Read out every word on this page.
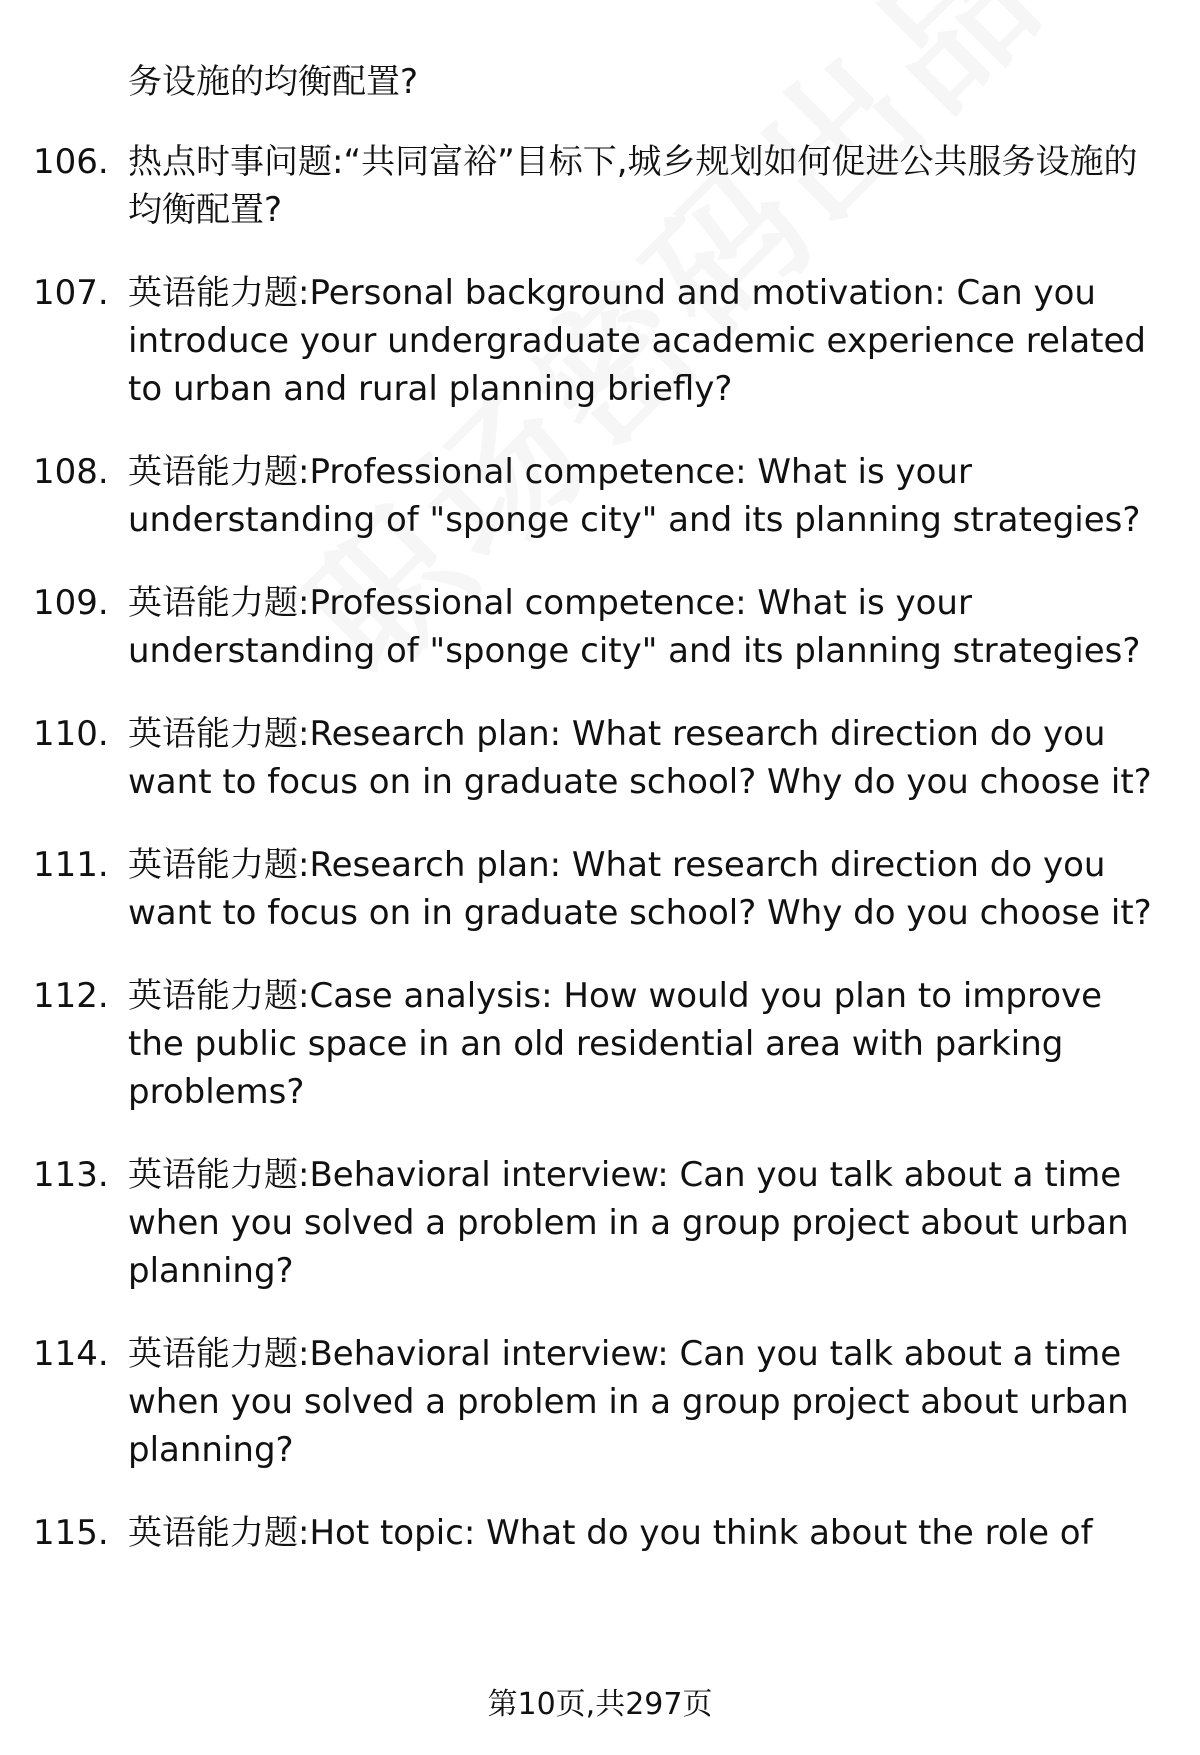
务设施的均衡配置?
106. 热点时事问题:“共同富裕”目标下,城乡规划如何促进公共服务设施的均衡配置?
107. 英语能力题:Personal background and motivation: Can you introduce your undergraduate academic experience related to urban and rural planning briefly?
108. 英语能力题:Professional competence: What is your understanding of "sponge city" and its planning strategies?
109. 英语能力题:Professional competence: What is your understanding of "sponge city" and its planning strategies?
110. 英语能力题:Research plan: What research direction do you want to focus on in graduate school? Why do you choose it?
111. 英语能力题:Research plan: What research direction do you want to focus on in graduate school? Why do you choose it?
112. 英语能力题:Case analysis: How would you plan to improve the public space in an old residential area with parking problems?
113. 英语能力题:Behavioral interview: Can you talk about a time when you solved a problem in a group project about urban planning?
114. 英语能力题:Behavioral interview: Can you talk about a time when you solved a problem in a group project about urban planning?
115. 英语能力题:Hot topic: What do you think about the role of
第10页,共297页
